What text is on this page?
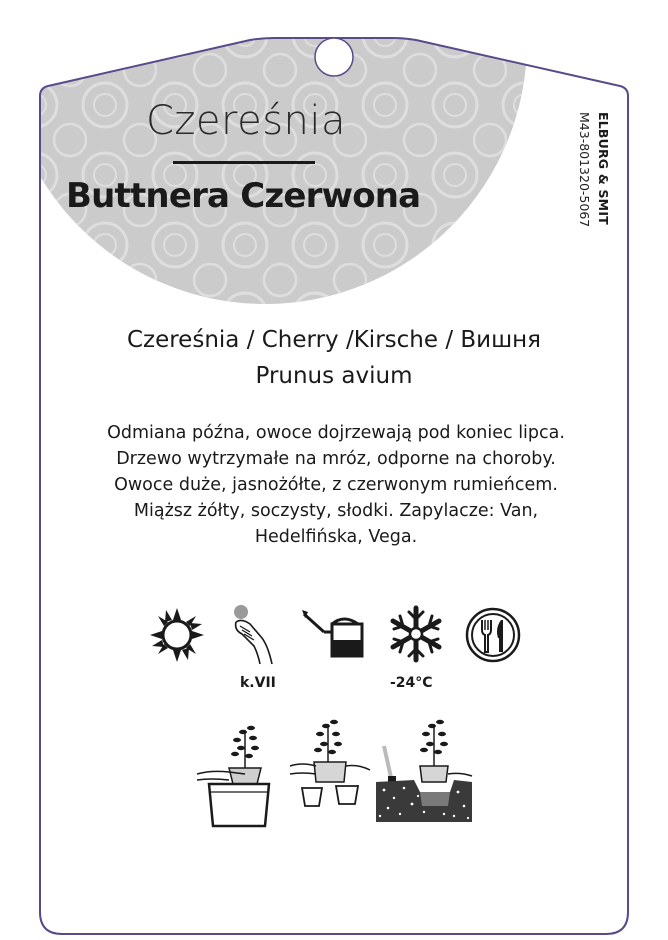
Czereśnia
Buttnera Czerwona	ELBURG & SMIT
M43-801320-5067
Czereśnia / Cherry /Kirsche / Вишня
Prunus avium
Odmiana późna, owoce dojrzewają pod koniec lipca.
Drzewo wytrzymałe na mróz, odporne na choroby.
Owoce duże, jasnożółte, z czerwonym rumieńcem.
Miąższ żółty, soczysty, słodki. Zapylacze: Van,
Hedelfińska, Vega.
k.VII	-24°C
